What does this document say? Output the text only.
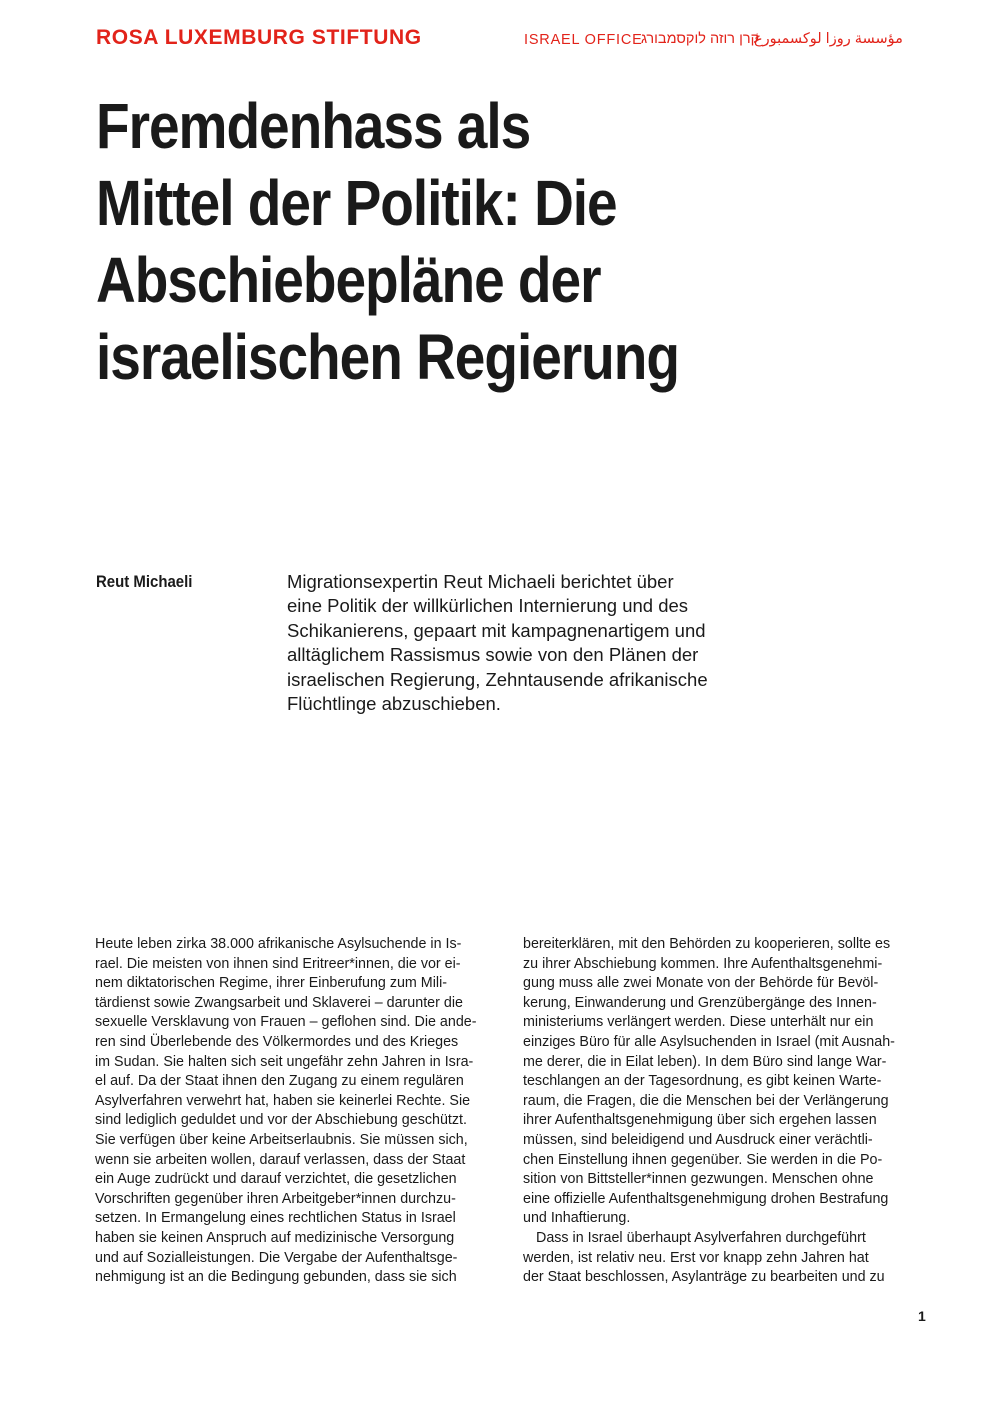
ROSA LUXEMBURG STIFTUNG	ISRAEL OFFICE
קרן רוזה לוקסמבורג
مؤسسة روزا لوكسمبورغ
Fremdenhass als
Mittel der Politik: Die
Abschiebepläne der
israelischen Regierung
Reut Michaeli	Migrationsexpertin Reut Michaeli berichtet über
eine Politik der willkürlichen Internierung und des
Schikanierens, gepaart mit kampagnenartigem und
alltäglichem Rassismus sowie von den Plänen der
israelischen Regierung, Zehntausende afrikanische
Flüchtlinge abzuschieben.

Heute leben zirka 38.000 afrikanische Asylsuchende in Is-
rael. Die meisten von ihnen sind Eritreer*innen, die vor ei-
nem diktatorischen Regime, ihrer Einberufung zum Mili-
tärdienst sowie Zwangsarbeit und Sklaverei – darunter die
sexuelle Versklavung von Frauen – geflohen sind. Die ande-
ren sind Überlebende des Völkermordes und des Krieges
im Sudan. Sie halten sich seit ungefähr zehn Jahren in Isra-
el auf. Da der Staat ihnen den Zugang zu einem regulären
Asylverfahren verwehrt hat, haben sie keinerlei Rechte. Sie
sind lediglich geduldet und vor der Abschiebung geschützt.
Sie verfügen über keine Arbeitserlaubnis. Sie müssen sich,
wenn sie arbeiten wollen, darauf verlassen, dass der Staat
ein Auge zudrückt und darauf verzichtet, die gesetzlichen
Vorschriften gegenüber ihren Arbeitgeber*innen durchzu-
setzen. In Ermangelung eines rechtlichen Status in Israel
haben sie keinen Anspruch auf medizinische Versorgung
und auf Sozialleistungen. Die Vergabe der Aufenthaltsge-
nehmigung ist an die Bedingung gebunden, dass sie sich
bereiterklären, mit den Behörden zu kooperieren, sollte es
zu ihrer Abschiebung kommen. Ihre Aufenthaltsgenehmi-
gung muss alle zwei Monate von der Behörde für Bevöl-
kerung, Einwanderung und Grenzübergänge des Innen-
ministeriums verlängert werden. Diese unterhält nur ein
einziges Büro für alle Asylsuchenden in Israel (mit Ausnah-
me derer, die in Eilat leben). In dem Büro sind lange War-
teschlangen an der Tagesordnung, es gibt keinen Warte-
raum, die Fragen, die die Menschen bei der Verlängerung
ihrer Aufenthaltsgenehmigung über sich ergehen lassen
müssen, sind beleidigend und Ausdruck einer verächtli-
chen Einstellung ihnen gegenüber. Sie werden in die Po-
sition von Bittsteller*innen gezwungen. Menschen ohne
eine offizielle Aufenthaltsgenehmigung drohen Bestrafung
und Inhaftierung.
Dass in Israel überhaupt Asylverfahren durchgeführt
werden, ist relativ neu. Erst vor knapp zehn Jahren hat
der Staat beschlossen, Asylanträge zu bearbeiten und zu
1
